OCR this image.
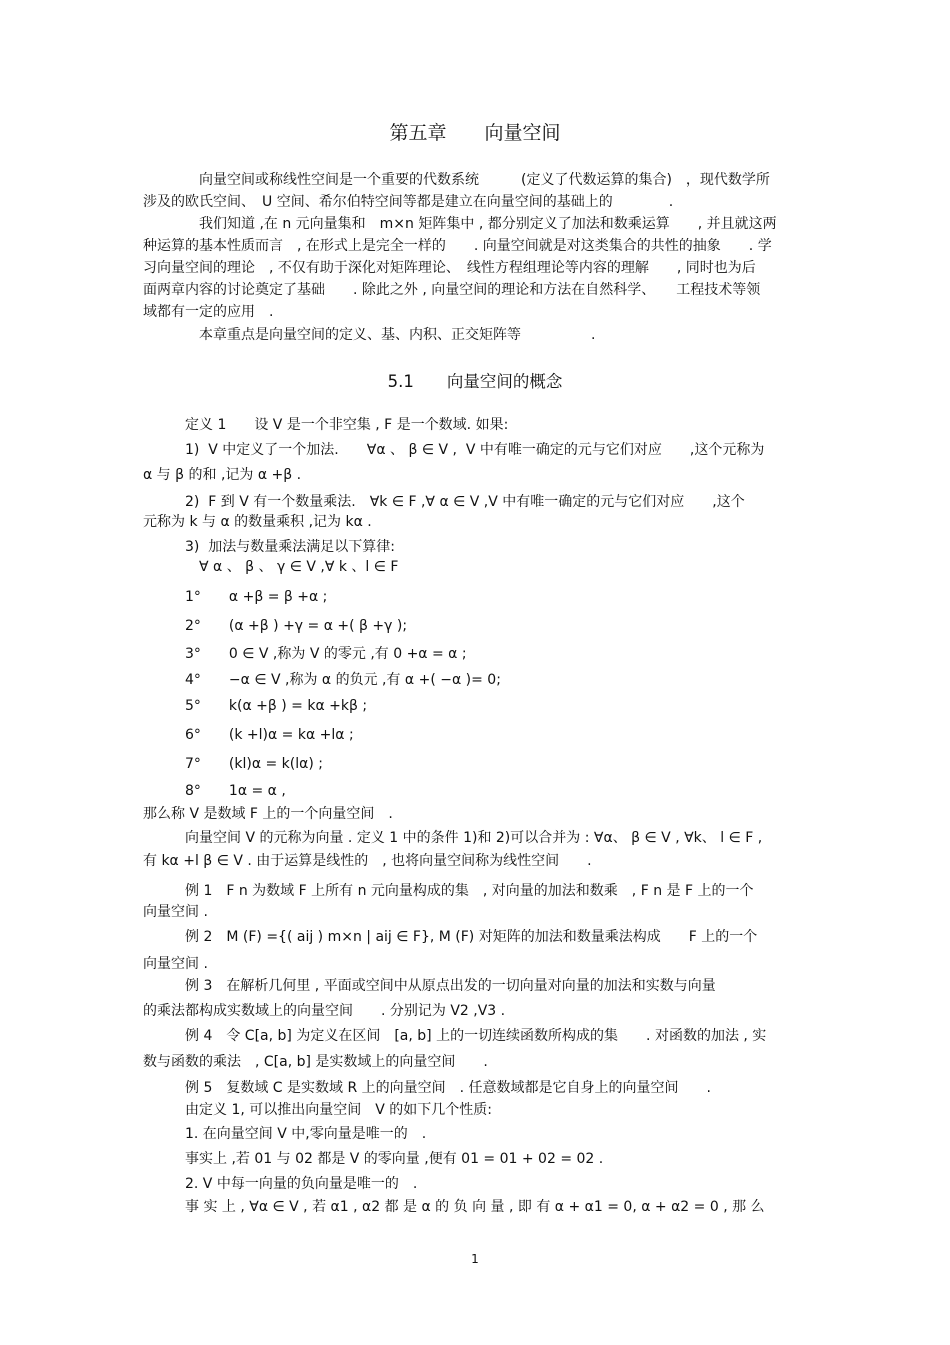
第五章　　向量空间
　　　　向量空间或称线性空间是一个重要的代数系统　　　(定义了代数运算的集合)　，现代数学所
涉及的欧氏空间、　U 空间、希尔伯特空间等都是建立在向量空间的基础上的　　　　.
　　　　我们知道 ,在 n 元向量集和　m×n 矩阵集中 , 都分别定义了加法和数乘运算　　, 并且就这两
种运算的基本性质而言　, 在形式上是完全一样的　　. 向量空间就是对这类集合的共性的抽象　　. 学
习向量空间的理论　, 不仅有助于深化对矩阵理论、　线性方程组理论等内容的理解　　, 同时也为后
面两章内容的讨论奠定了基础　　. 除此之外 , 向量空间的理论和方法在自然科学、　　工程技术等领
域都有一定的应用　.
　　　　本章重点是向量空间的定义、基、内积、正交矩阵等　　　　　.
5.1　　向量空间的概念
　　　定义 1　　设 V 是一个非空集 , F 是一个数域. 如果:
　　　1)  V 中定义了一个加法.　　∀α 、 β ∈ V ,  V 中有唯一确定的元与它们对应　　,这个元称为
α 与 β 的和 ,记为 α +β .
　　　2)  F 到 V 有一个数量乘法.　∀k ∈ F ,∀ α ∈ V ,V 中有唯一确定的元与它们对应　　,这个
元称为 k 与 α 的数量乘积 ,记为 kα .
　　　3)  加法与数量乘法满足以下算律:
　　　　∀ α 、 β 、 γ ∈ V ,∀ k 、l ∈ F
　　　1°　　α +β = β +α ;
　　　2°　　(α +β ) +γ = α +( β +γ );
　　　3°　　0 ∈ V ,称为 V 的零元 ,有 0 +α = α ;
　　　4°　　−α ∈ V ,称为 α 的负元 ,有 α +( −α )= 0;
　　　5°　　k(α +β ) = kα +kβ ;
　　　6°　　(k +l)α = kα +lα ;
　　　7°　　(kl)α = k(lα) ;
　　　8°　　1α = α ,
那么称 V 是数域 F 上的一个向量空间　.
　　　向量空间 V 的元称为向量 . 定义 1 中的条件 1)和 2)可以合并为 : ∀α、 β ∈ V , ∀k、 l ∈ F ,
有 kα +l β ∈ V . 由于运算是线性的　, 也将向量空间称为线性空间　　.
　　　例 1　F n 为数域 F 上所有 n 元向量构成的集　, 对向量的加法和数乘　, F n 是 F 上的一个
向量空间 .
　　　例 2　M (F) ={( aij ) m×n | aij ∈ F}, M (F) 对矩阵的加法和数量乘法构成　　F 上的一个
向量空间 .
　　　例 3　在解析几何里 , 平面或空间中从原点出发的一切向量对向量的加法和实数与向量
的乘法都构成实数域上的向量空间　　. 分别记为 V2 ,V3 .
　　　例 4　令 C[a, b] 为定义在区间　[a, b] 上的一切连续函数所构成的集　　. 对函数的加法 , 实
数与函数的乘法　, C[a, b] 是实数域上的向量空间　　.
　　　例 5　复数域 C 是实数域 R 上的向量空间　. 任意数域都是它自身上的向量空间　　.
　　　由定义 1, 可以推出向量空间　V 的如下几个性质:
　　　1. 在向量空间 V 中,零向量是唯一的　.
　　　事实上 ,若 01 与 02 都是 V 的零向量 ,便有 01 = 01 + 02 = 02 .
　　　2. V 中每一向量的负向量是唯一的　.
　　　事 实 上 , ∀α ∈ V , 若 α1 , α2 都 是 α 的 负 向 量 , 即 有 α + α1 = 0, α + α2 = 0 , 那 么
1
